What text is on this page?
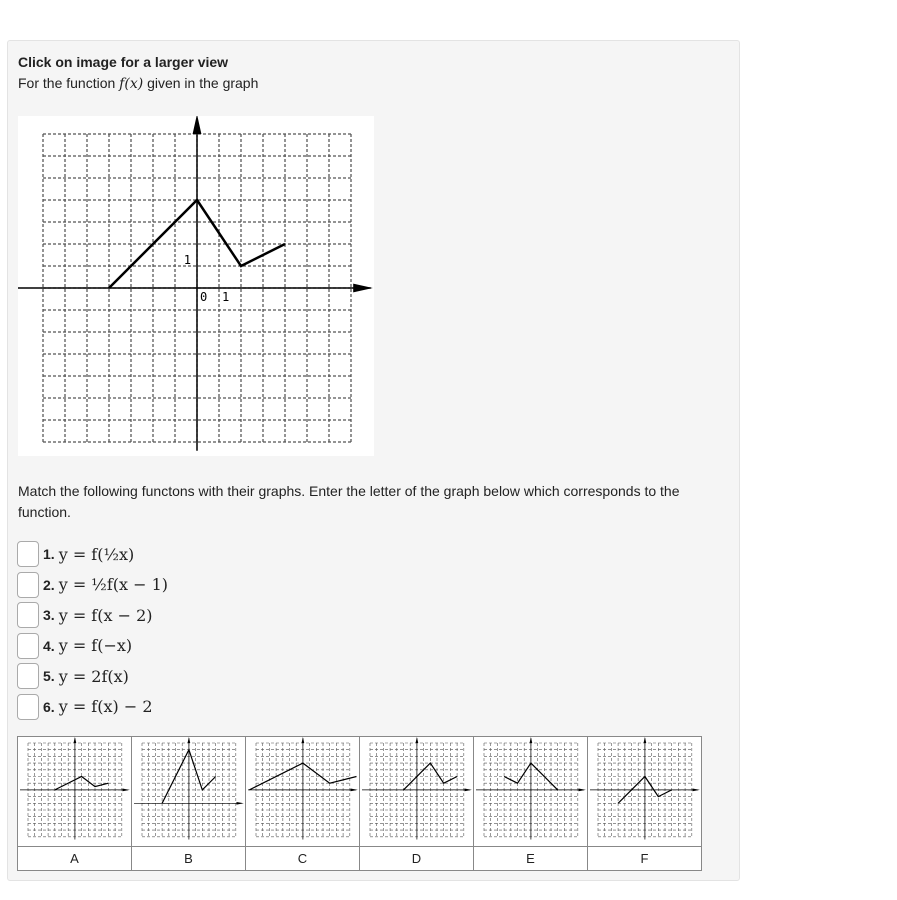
Click on image for a larger view
For the function f(x) given in the graph
0 1
1
Match the following functons with their graphs. Enter the letter of the graph below which corresponds to the function.
1. y = f(½x)
2. y = ½f(x − 1)
3. y = f(x − 2)
4. y = f(−x)
5. y = 2f(x)
6. y = f(x) − 2

A	B	C	D	E	F
